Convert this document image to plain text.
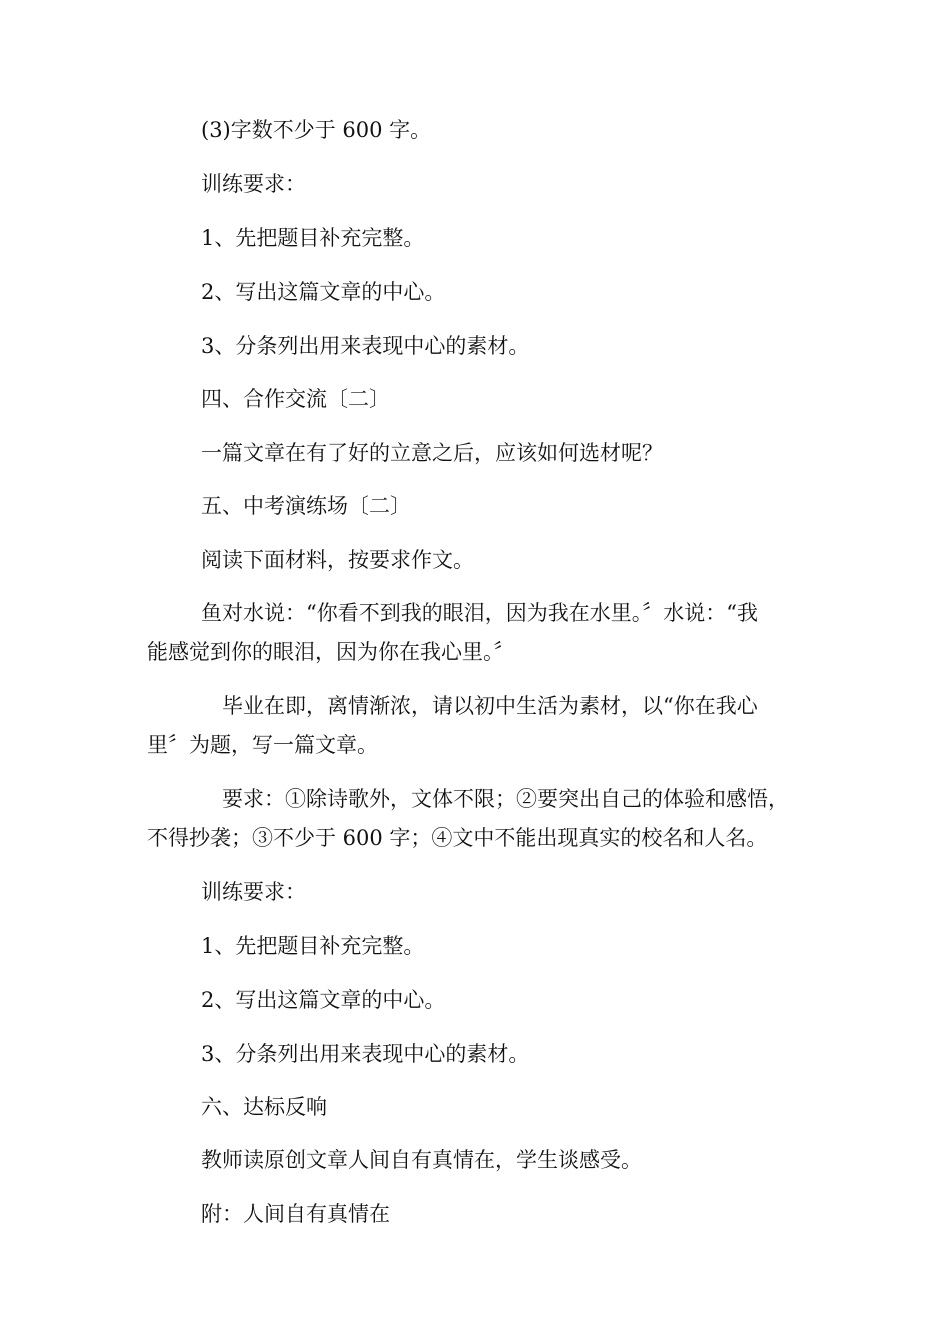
(3)字数不少于 600 字。
训练要求：
1、先把题目补充完整。
2、写出这篇文章的中心。
3、分条列出用来表现中心的素材。
四、合作交流〔二〕
一篇文章在有了好的立意之后，应该如何选材呢？
五、中考演练场〔二〕
阅读下面材料，按要求作文。
鱼对水说：“你看不到我的眼泪，因为我在水里。〞水说：“我
能感觉到你的眼泪，因为你在我心里。〞
毕业在即，离情渐浓，请以初中生活为素材，以“你在我心
里〞为题，写一篇文章。
要求：①除诗歌外，文体不限；②要突出自己的体验和感悟，
不得抄袭；③不少于 600 字；④文中不能出现真实的校名和人名。
训练要求：
1、先把题目补充完整。
2、写出这篇文章的中心。
3、分条列出用来表现中心的素材。
六、达标反响
教师读原创文章人间自有真情在，学生谈感受。
附：人间自有真情在
